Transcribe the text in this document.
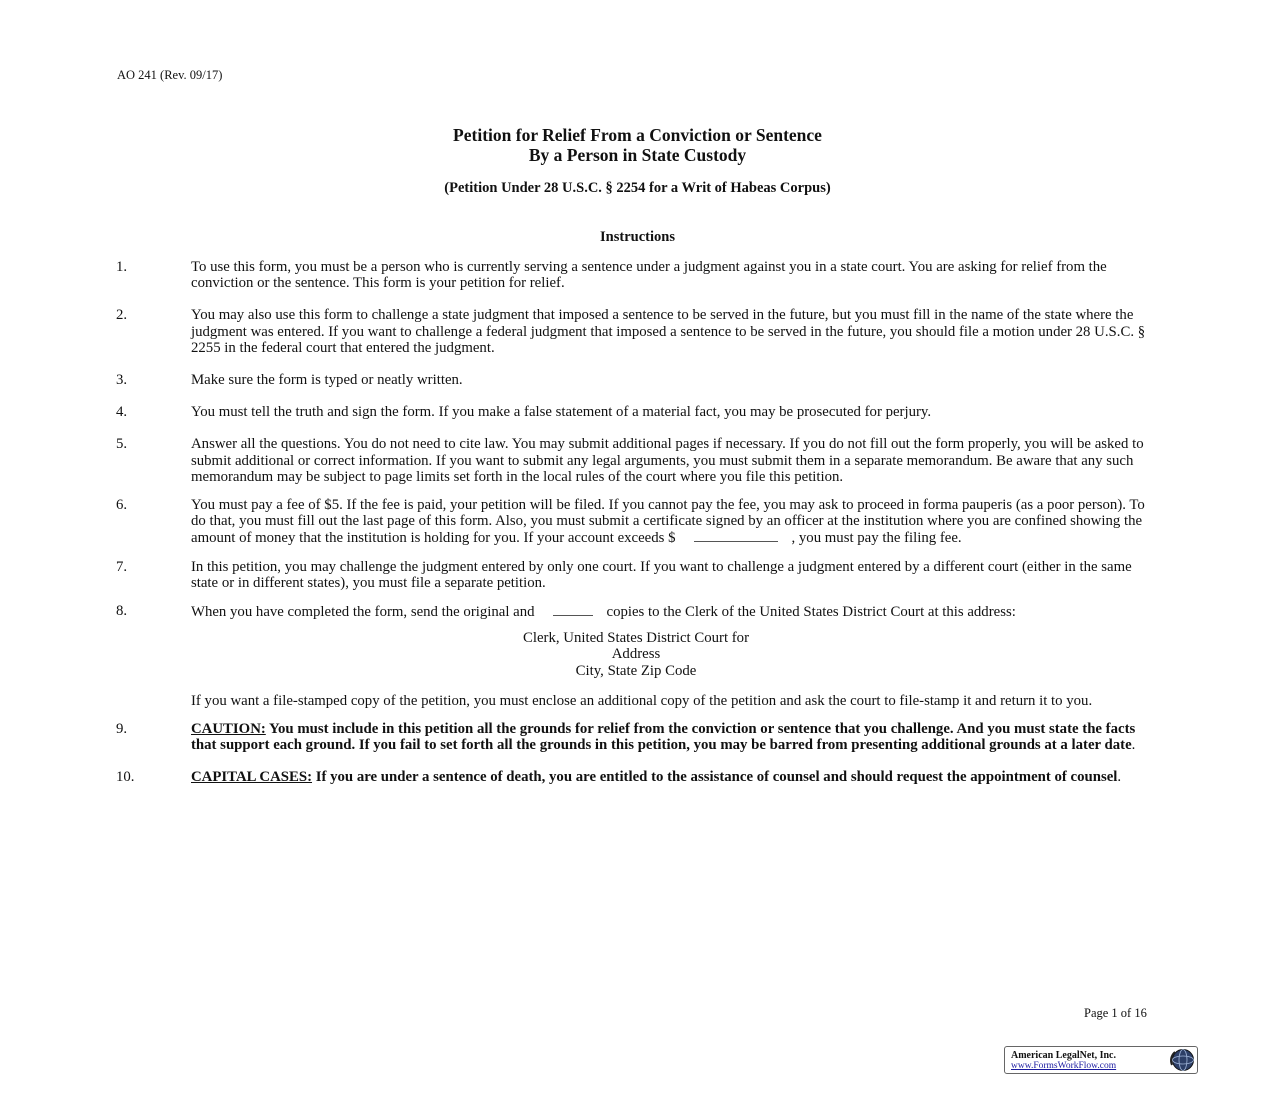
AO 241 (Rev. 09/17)
Petition for Relief From a Conviction or Sentence
By a Person in State Custody
(Petition Under 28 U.S.C. § 2254 for a Writ of Habeas Corpus)
Instructions
1.	To use this form, you must be a person who is currently serving a sentence under a judgment against you in a state court. You are asking for relief from the conviction or the sentence. This form is your petition for relief.
2.	You may also use this form to challenge a state judgment that imposed a sentence to be served in the future, but you must fill in the name of the state where the judgment was entered. If you want to challenge a federal judgment that imposed a sentence to be served in the future, you should file a motion under 28 U.S.C. § 2255 in the federal court that entered the judgment.
3.	Make sure the form is typed or neatly written.
4.	You must tell the truth and sign the form. If you make a false statement of a material fact, you may be prosecuted for perjury.
5.	Answer all the questions. You do not need to cite law. You may submit additional pages if necessary. If you do not fill out the form properly, you will be asked to submit additional or correct information. If you want to submit any legal arguments, you must submit them in a separate memorandum. Be aware that any such memorandum may be subject to page limits set forth in the local rules of the court where you file this petition.
6.	You must pay a fee of $5. If the fee is paid, your petition will be filed. If you cannot pay the fee, you may ask to proceed in forma pauperis (as a poor person). To do that, you must fill out the last page of this form. Also, you must submit a certificate signed by an officer at the institution where you are confined showing the amount of money that the institution is holding for you. If your account exceeds $	, you must pay the filing fee.
7.	In this petition, you may challenge the judgment entered by only one court. If you want to challenge a judgment entered by a different court (either in the same state or in different states), you must file a separate petition.
8.	When you have completed the form, send the original and	copies to the Clerk of the United States District Court at this address:
Clerk, United States District Court for
Address
City, State Zip Code
If you want a file-stamped copy of the petition, you must enclose an additional copy of the petition and ask the court to file-stamp it and return it to you.
9.	CAUTION: You must include in this petition all the grounds for relief from the conviction or sentence that you challenge. And you must state the facts that support each ground. If you fail to set forth all the grounds in this petition, you may be barred from presenting additional grounds at a later date.
10.	CAPITAL CASES: If you are under a sentence of death, you are entitled to the assistance of counsel and should request the appointment of counsel.
Page 1 of 16
American LegalNet, Inc.
www.FormsWorkFlow.com
